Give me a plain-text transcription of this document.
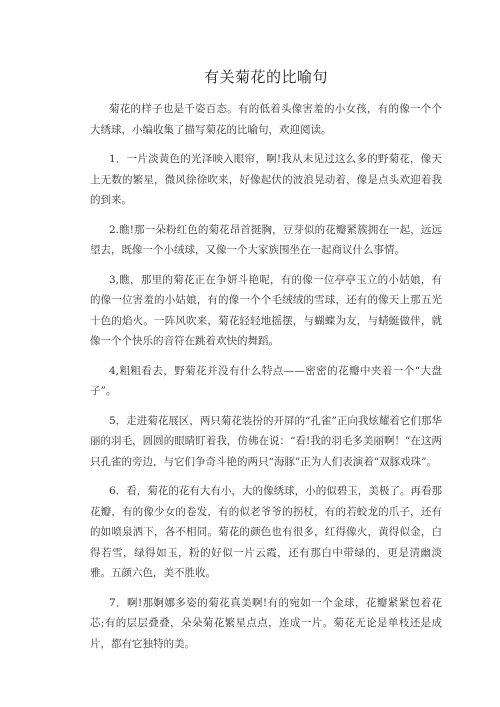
有关菊花的比喻句

菊花的样子也是千姿百态。有的低着头像害羞的小女孩，有的像一个个大绣球，小编收集了描写菊花的比喻句，欢迎阅读。

1．一片淡黄色的光泽映入眼帘，啊!我从未见过这么多的野菊花，像天上无数的繁星，微风徐徐吹来，好像起伏的波浪晃动着，像是点头欢迎着我的到来。

2.瞧!那一朵粉红色的菊花昂首挺胸，豆芽似的花瓣紧簇拥在一起，远远望去，既像一个小绒球，又像一个大家族围坐在一起商议什么事情。

3,瞧，那里的菊花正在争妍斗艳呢，有的像一位亭亭玉立的小姑娘，有的像一位害羞的小姑娘，有的像一个个毛绒绒的雪球，还有的像天上那五光十色的焰火。一阵风吹来，菊花轻轻地摇摆，与蝴蝶为友，与蜻蜓做伴，就像一个个快乐的音符在跳着欢快的舞蹈。

4,粗粗看去，野菊花并没有什么特点——密密的花瓣中夹着一个“大盘子”。

5．走进菊花展区，两只菊花装扮的开屏的“孔雀”正向我炫耀着它们那华丽的羽毛，圆圆的眼睛盯着我，仿佛在说：“看!我的羽毛多美丽啊！”在这两只孔雀的旁边，与它们争奇斗艳的两只“海豚”正为人们表演着“双豚戏珠”。

6．看，菊花的花有大有小，大的像绣球，小的似碧玉，美极了。再看那花瓣，有的像少女的卷发，有的似老爷爷的拐杖，有的若蛟龙的爪子，还有的如喷泉洒下，各不相同。菊花的颜色也有很多，红得像火，黄得似金，白得若雪，绿得如玉，粉的好似一片云霞，还有那白中带绿的，更是清幽淡雅。五颜六色，美不胜收。

7．啊!那婀娜多姿的菊花真美啊!有的宛如一个金球，花瓣紧紧包着花芯;有的层层叠叠，朵朵菊花繁星点点，连成一片。菊花无论是单枝还是成片，都有它独特的美。
